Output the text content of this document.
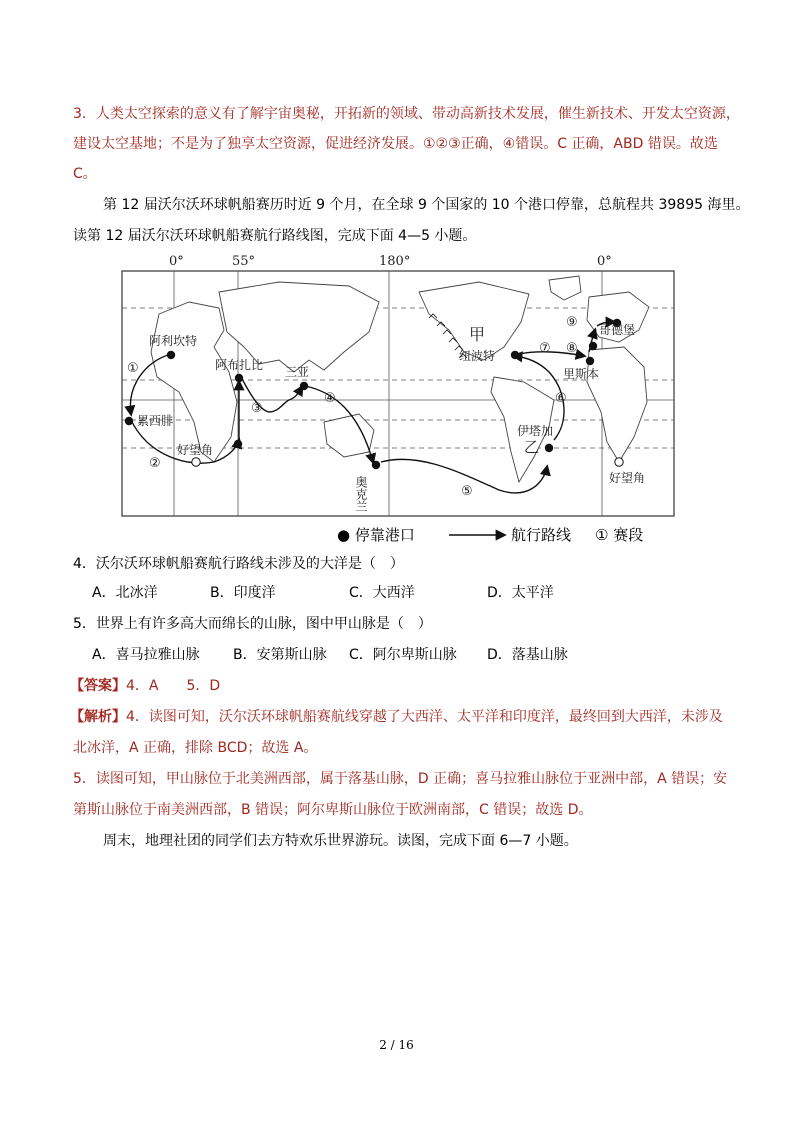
3．人类太空探索的意义有了解宇宙奥秘，开拓新的领域、带动高新技术发展，催生新技术、开发太空资源，
建设太空基地；不是为了独享太空资源，促进经济发展。①②③正确，④错误。C 正确，ABD 错误。故选
C。
第 12 届沃尔沃环球帆船赛历时近 9 个月，在全球 9 个国家的 10 个港口停靠，总航程共 39895 海里。
读第 12 届沃尔沃环球帆船赛航行路线图，完成下面 4—5 小题。
0°	55°	180°	0°
阿利坎特
累西腓
好望角
阿布扎比 三亚
奥克兰
伊塔加
纽波特
里斯本
哥德堡
好望角
甲
乙
①
②
③
④
⑤
⑥
⑦ ⑧
⑨
● 停靠港口	航行路线 ① 赛段
4．沃尔沃环球帆船赛航行路线未涉及的大洋是（　）
A．北冰洋	B．印度洋	C．大西洋	D．太平洋
5．世界上有许多高大而绵长的山脉，图中甲山脉是（　）
A．喜马拉雅山脉 B．安第斯山脉 C．阿尔卑斯山脉 D．落基山脉
【答案】4．A　　5．D
【解析】4．读图可知，沃尔沃环球帆船赛航线穿越了大西洋、太平洋和印度洋，最终回到大西洋，未涉及
北冰洋，A 正确，排除 BCD；故选 A。
5．读图可知，甲山脉位于北美洲西部，属于落基山脉，D 正确；喜马拉雅山脉位于亚洲中部，A 错误；安
第斯山脉位于南美洲西部，B 错误；阿尔卑斯山脉位于欧洲南部，C 错误；故选 D。
周末，地理社团的同学们去方特欢乐世界游玩。读图，完成下面 6—7 小题。
2 / 16
